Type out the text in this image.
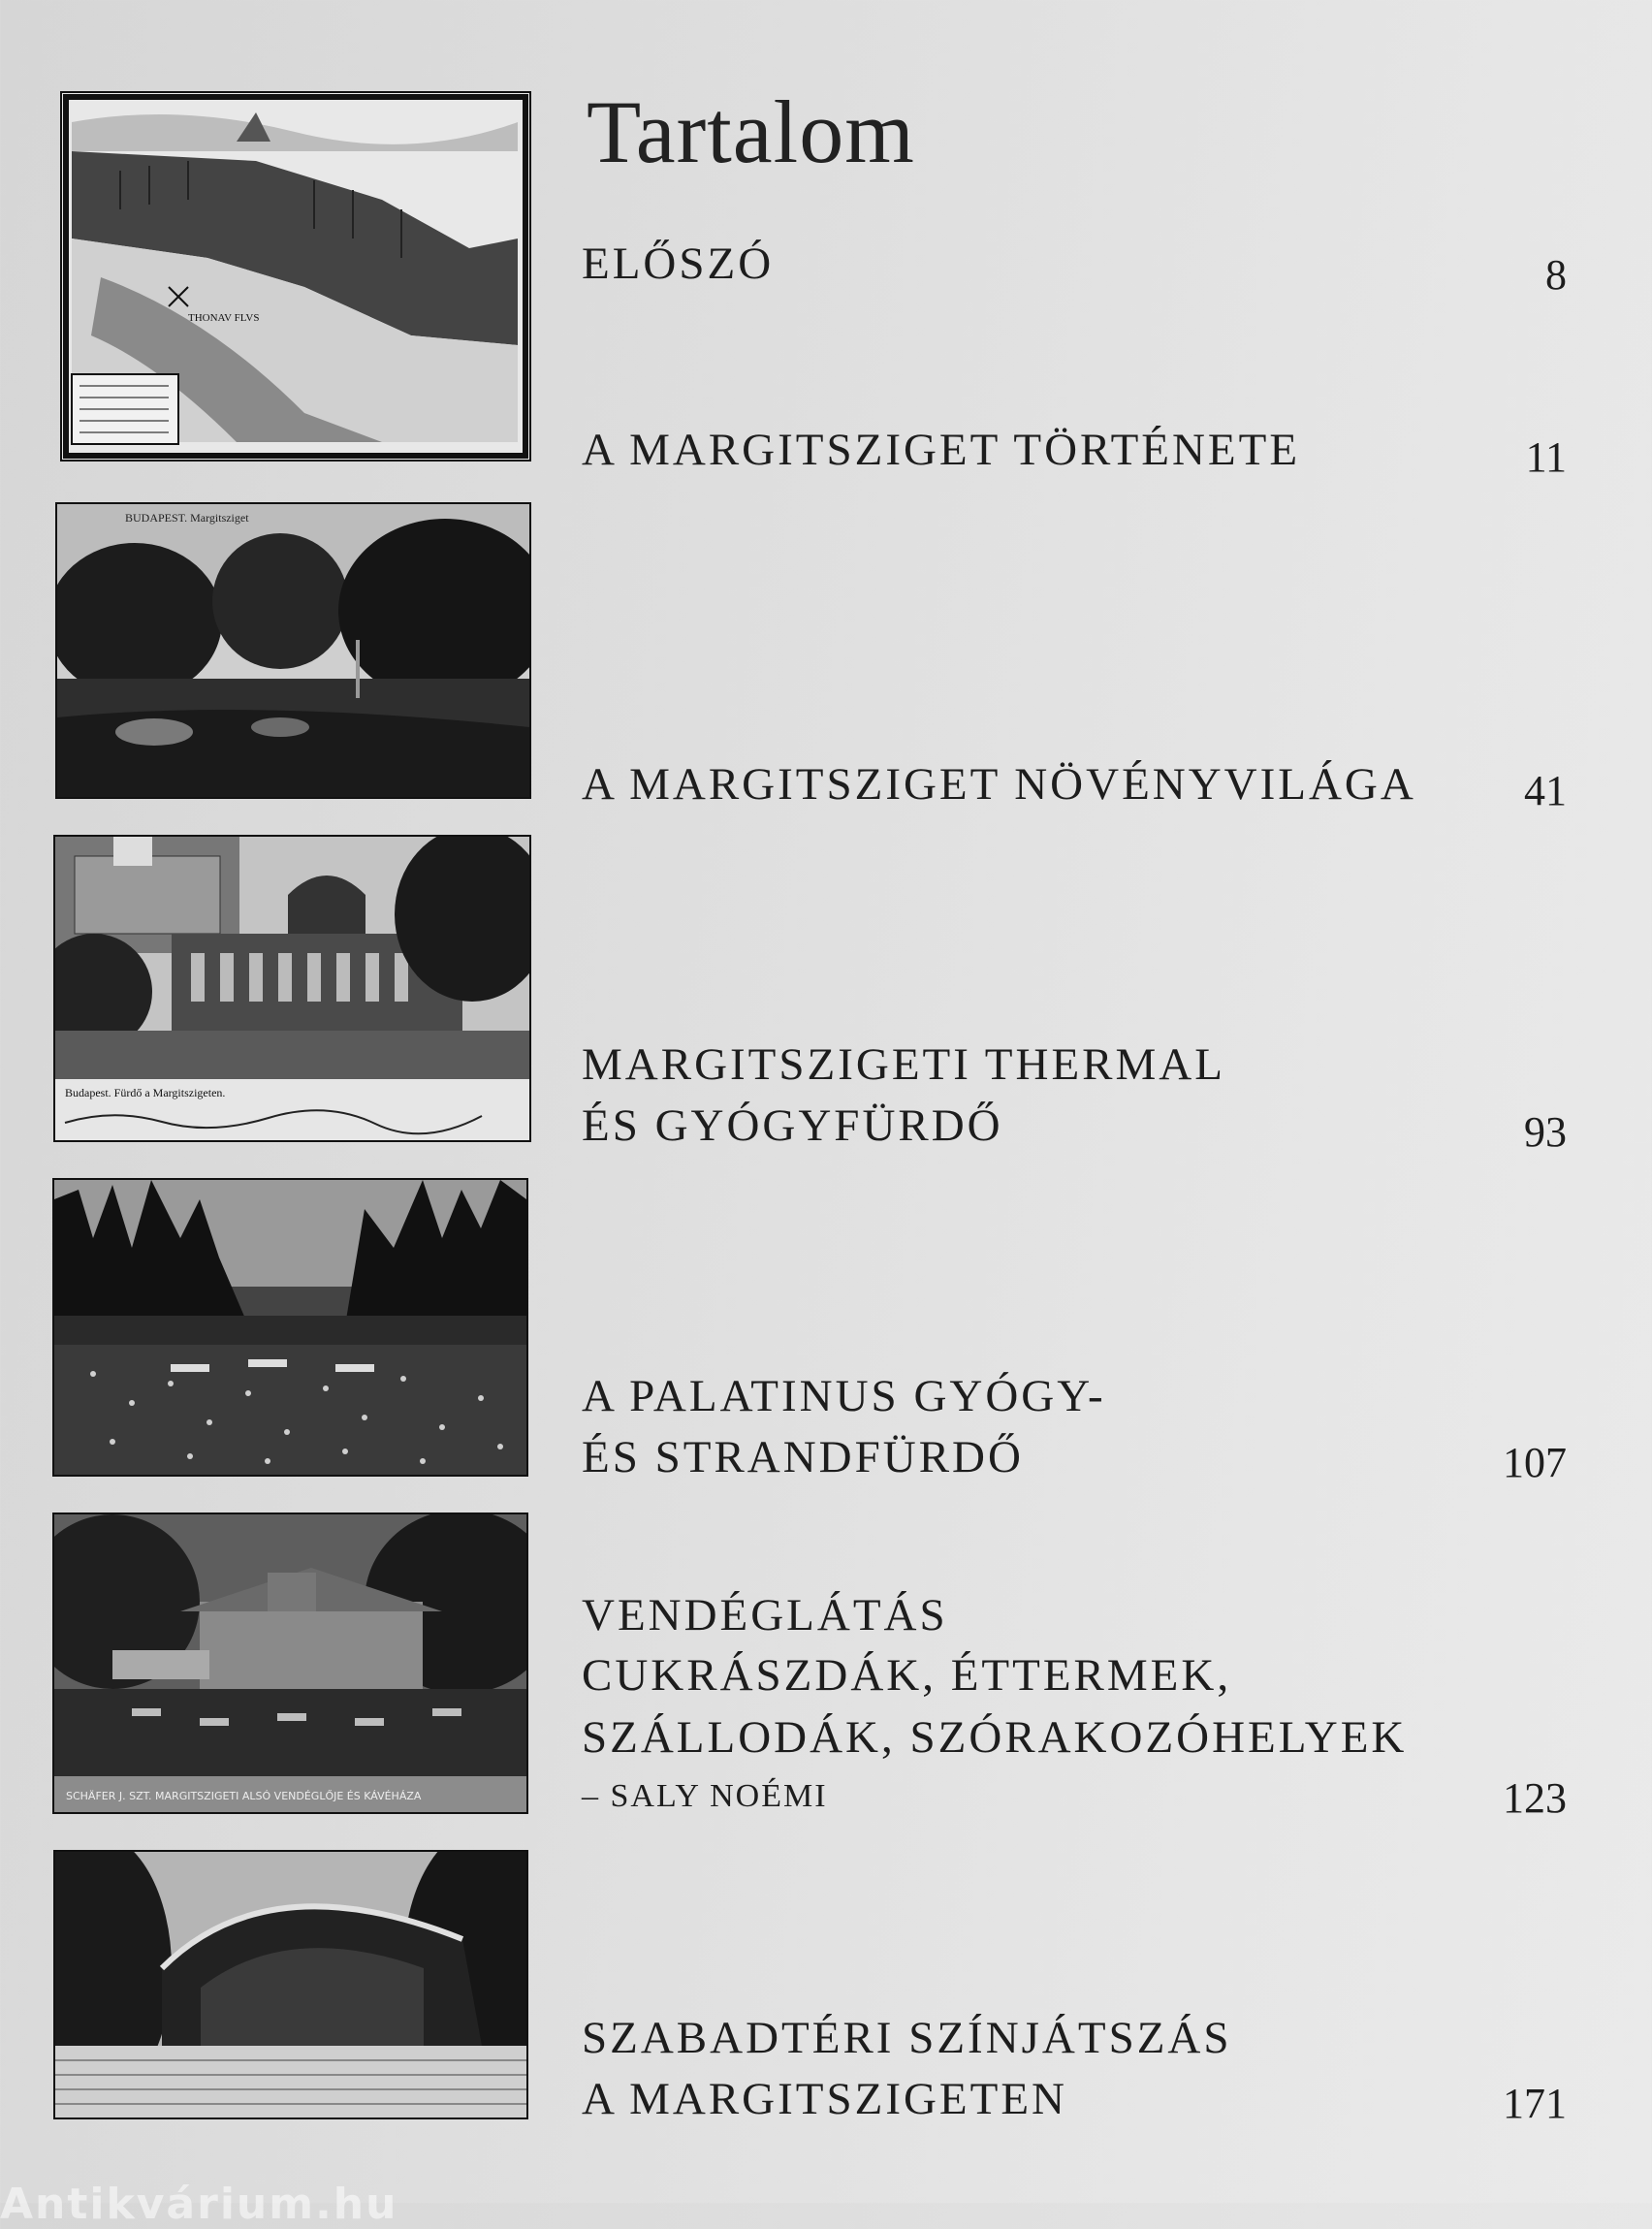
Tartalom
THONAV FLVS
BUDAPEST. Margitsziget
Budapest. Fürdő a Margitszigeten.
SCHÄFER J. SZT. MARGITSZIGETI ALSÓ VENDÉGLŐJE ÉS KÁVÉHÁZA
ELŐSZÓ	8
A MARGITSZIGET TÖRTÉNETE	11
A MARGITSZIGET NÖVÉNYVILÁGA	41
MARGITSZIGETI THERMAL
ÉS GYÓGYFÜRDŐ	93
A PALATINUS GYÓGY-
ÉS STRANDFÜRDŐ	107
VENDÉGLÁTÁS
CUKRÁSZDÁK, ÉTTERMEK,
SZÁLLODÁK, SZÓRAKOZÓHELYEK
– SALY NOÉMI	123
SZABADTÉRI SZÍNJÁTSZÁS
A MARGITSZIGETEN	171
Antikvárium.hu
